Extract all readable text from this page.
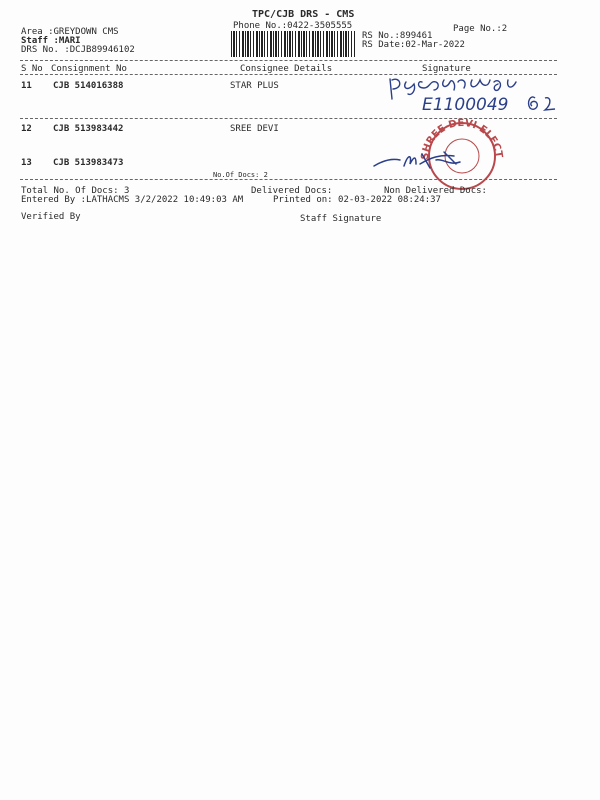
TPC/CJB DRS - CMS
Phone No.:0422-3505555	Page No.:2
Area :GREYDOWN CMS
Staff :MARI
DRS No. :DCJB89946102
RS No.:899461
RS Date:02-Mar-2022
S No Consignment No	Consignee Details	Signature
11 CJB 514016388	STAR PLUS
E1100049
12 CJB 513983442	SREE DEVI
13 CJB 513983473
No.Of Docs: 2
SHREE DEVI ELECTRICALS
Total No. Of Docs: 3	Delivered Docs:	Non Delivered Docs:
Entered By :LATHACMS 3/2/2022 10:49:03 AM	Printed on: 02-03-2022 08:24:37
Verified By	Staff Signature
